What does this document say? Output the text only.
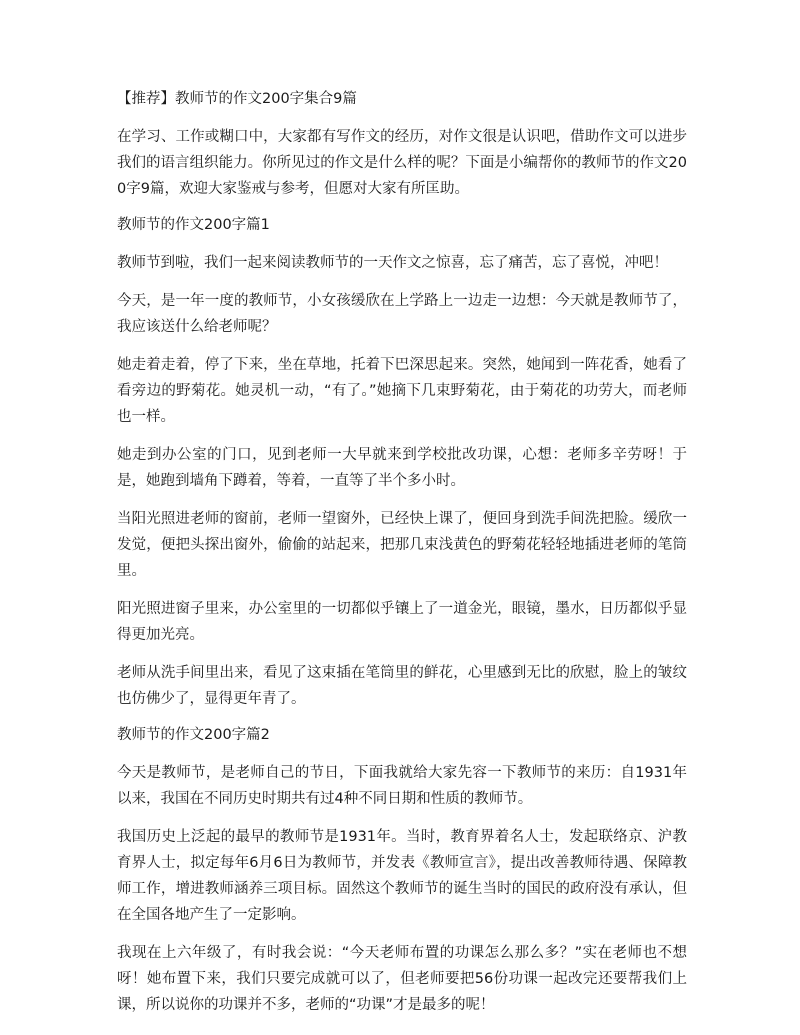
【推荐】教师节的作文200字集合9篇

在学习、工作或糊口中，大家都有写作文的经历，对作文很是认识吧，借助作文可以进步我们的语言组织能力。你所见过的作文是什么样的呢？下面是小编帮你的教师节的作文200字9篇，欢迎大家鉴戒与参考，但愿对大家有所匡助。

教师节的作文200字篇1

教师节到啦，我们一起来阅读教师节的一天作文之惊喜，忘了痛苦，忘了喜悦，冲吧！

今天，是一年一度的教师节，小女孩缓欣在上学路上一边走一边想：今天就是教师节了，我应该送什么给老师呢？

她走着走着，停了下来，坐在草地，托着下巴深思起来。突然，她闻到一阵花香，她看了看旁边的野菊花。她灵机一动，“有了。”她摘下几束野菊花，由于菊花的功劳大，而老师也一样。

她走到办公室的门口，见到老师一大早就来到学校批改功课，心想：老师多辛劳呀！于是，她跑到墙角下蹲着，等着，一直等了半个多小时。

当阳光照进老师的窗前，老师一望窗外，已经快上课了，便回身到洗手间洗把脸。缓欣一发觉，便把头探出窗外，偷偷的站起来，把那几束浅黄色的野菊花轻轻地插进老师的笔筒里。

阳光照进窗子里来，办公室里的一切都似乎镶上了一道金光，眼镜，墨水，日历都似乎显得更加光亮。

老师从洗手间里出来，看见了这束插在笔筒里的鲜花，心里感到无比的欣慰，脸上的皱纹也仿佛少了，显得更年青了。

教师节的作文200字篇2

今天是教师节，是老师自己的节日，下面我就给大家先容一下教师节的来历：自1931年以来，我国在不同历史时期共有过4种不同日期和性质的教师节。

我国历史上泛起的最早的教师节是1931年。当时，教育界着名人士，发起联络京、沪教育界人士，拟定每年6月6日为教师节，并发表《教师宣言》，提出改善教师待遇、保障教师工作，增进教师涵养三项目标。固然这个教师节的诞生当时的国民的政府没有承认，但在全国各地产生了一定影响。

我现在上六年级了，有时我会说：“今天老师布置的功课怎么那么多？”实在老师也不想呀！她布置下来，我们只要完成就可以了，但老师要把56份功课一起改完还要帮我们上课，所以说你的功课并不多，老师的“功课”才是最多的呢！
